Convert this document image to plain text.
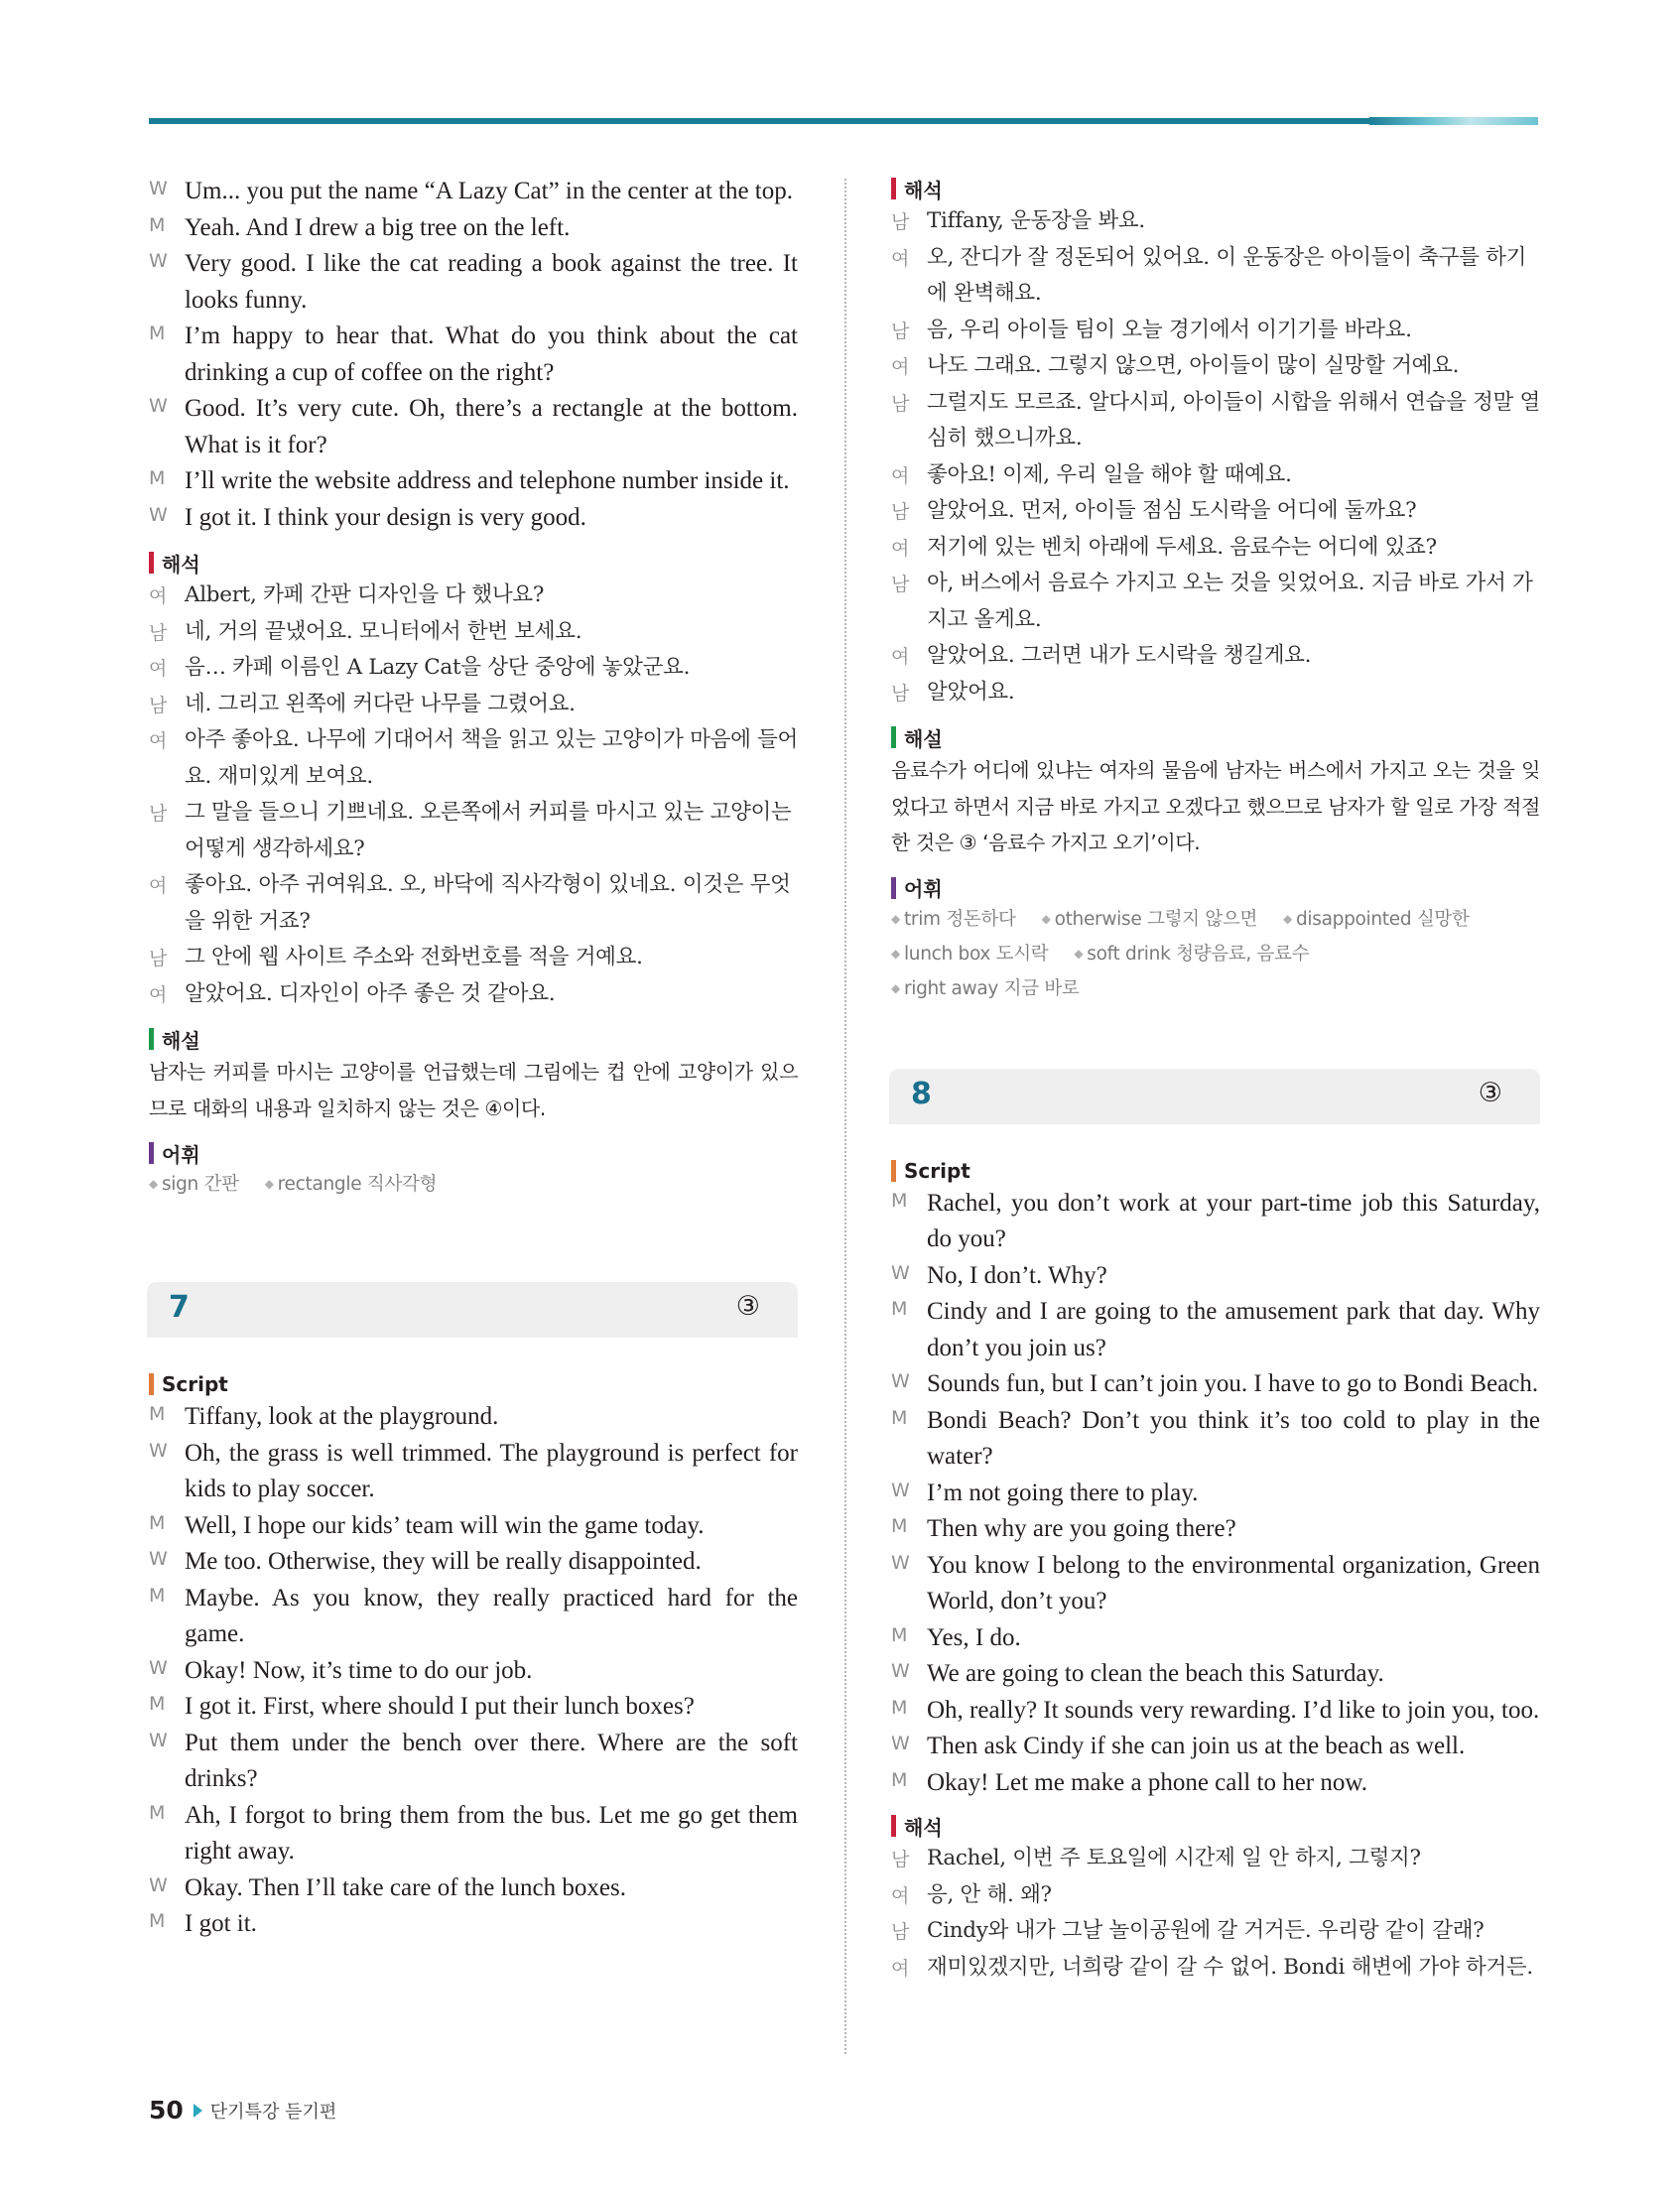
W Um... you put the name “A Lazy Cat” in the center at the top.
M Yeah. And I drew a big tree on the left.
W Very good. I like the cat reading a book against the tree. It looks funny.
M I’m happy to hear that. What do you think about the cat drinking a cup of coffee on the right?
W Good. It’s very cute. Oh, there’s a rectangle at the bottom. What is it for?
M I’ll write the website address and telephone number inside it.
W I got it. I think your design is very good.
해석
여 Albert, 카페 간판 디자인을 다 했나요?
남 네, 거의 끝냈어요. 모니터에서 한번 보세요.
여 음… 카페 이름인 A Lazy Cat을 상단 중앙에 놓았군요.
남 네. 그리고 왼쪽에 커다란 나무를 그렸어요.
여 아주 좋아요. 나무에 기대어서 책을 읽고 있는 고양이가 마음에 들어요. 재미있게 보여요.
남 그 말을 들으니 기쁘네요. 오른쪽에서 커피를 마시고 있는 고양이는 어떻게 생각하세요?
여 좋아요. 아주 귀여워요. 오, 바닥에 직사각형이 있네요. 이것은 무엇을 위한 거죠?
남 그 안에 웹 사이트 주소와 전화번호를 적을 거예요.
여 알았어요. 디자인이 아주 좋은 것 같아요.
해설
남자는 커피를 마시는 고양이를 언급했는데 그림에는 컵 안에 고양이가 있으므로 대화의 내용과 일치하지 않는 것은 ④이다.
어휘
◆ sign 간판 ◆ rectangle 직사각형
7	③
Script
M Tiffany, look at the playground.
W Oh, the grass is well trimmed. The playground is perfect for kids to play soccer.
M Well, I hope our kids’ team will win the game today.
W Me too. Otherwise, they will be really disappointed.
M Maybe. As you know, they really practiced hard for the game.
W Okay! Now, it’s time to do our job.
M I got it. First, where should I put their lunch boxes?
W Put them under the bench over there. Where are the soft drinks?
M Ah, I forgot to bring them from the bus. Let me go get them right away.
W Okay. Then I’ll take care of the lunch boxes.
M I got it.
해석
남 Tiffany, 운동장을 봐요.
여 오, 잔디가 잘 정돈되어 있어요. 이 운동장은 아이들이 축구를 하기에 완벽해요.
남 음, 우리 아이들 팀이 오늘 경기에서 이기기를 바라요.
여 나도 그래요. 그렇지 않으면, 아이들이 많이 실망할 거예요.
남 그럴지도 모르죠. 알다시피, 아이들이 시합을 위해서 연습을 정말 열심히 했으니까요.
여 좋아요! 이제, 우리 일을 해야 할 때예요.
남 알았어요. 먼저, 아이들 점심 도시락을 어디에 둘까요?
여 저기에 있는 벤치 아래에 두세요. 음료수는 어디에 있죠?
남 아, 버스에서 음료수 가지고 오는 것을 잊었어요. 지금 바로 가서 가지고 올게요.
여 알았어요. 그러면 내가 도시락을 챙길게요.
남 알았어요.
해설
음료수가 어디에 있냐는 여자의 물음에 남자는 버스에서 가지고 오는 것을 잊었다고 하면서 지금 바로 가지고 오겠다고 했으므로 남자가 할 일로 가장 적절한 것은 ③ ‘음료수 가지고 오기’이다.
어휘
◆ trim 정돈하다 ◆ otherwise 그렇지 않으면 ◆ disappointed 실망한
◆ lunch box 도시락 ◆ soft drink 청량음료, 음료수
◆ right away 지금 바로
8	③
Script
M Rachel, you don’t work at your part-time job this Saturday, do you?
W No, I don’t. Why?
M Cindy and I are going to the amusement park that day. Why don’t you join us?
W Sounds fun, but I can’t join you. I have to go to Bondi Beach.
M Bondi Beach? Don’t you think it’s too cold to play in the water?
W I’m not going there to play.
M Then why are you going there?
W You know I belong to the environmental organization, Green World, don’t you?
M Yes, I do.
W We are going to clean the beach this Saturday.
M Oh, really? It sounds very rewarding. I’d like to join you, too.
W Then ask Cindy if she can join us at the beach as well.
M Okay! Let me make a phone call to her now.
해석
남 Rachel, 이번 주 토요일에 시간제 일 안 하지, 그렇지?
여 응, 안 해. 왜?
남 Cindy와 내가 그날 놀이공원에 갈 거거든. 우리랑 같이 갈래?
여 재미있겠지만, 너희랑 같이 갈 수 없어. Bondi 해변에 가야 하거든.
50 단기특강 듣기편
